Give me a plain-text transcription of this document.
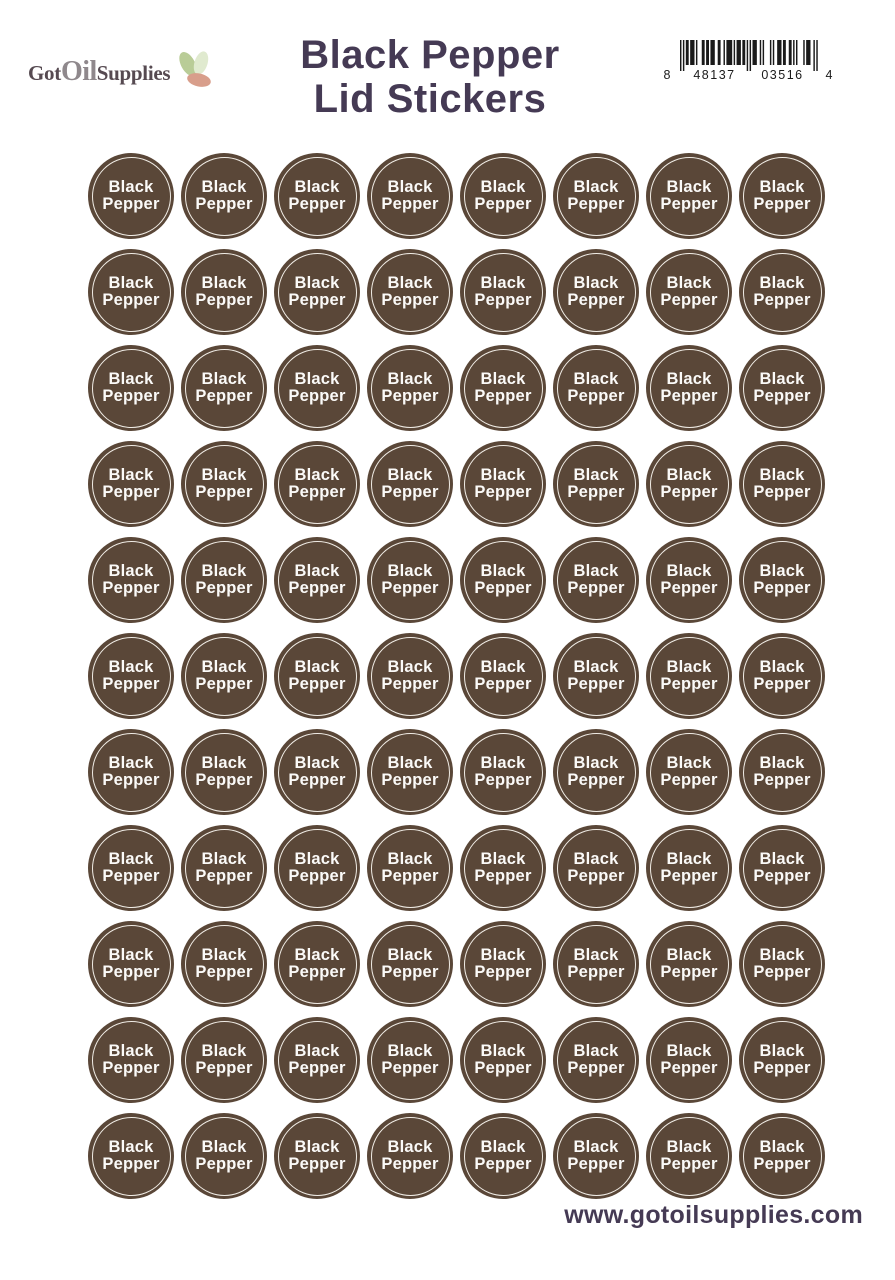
Got Oil Supplies	Black Pepper
Lid Stickers
8	48137	03516	4
Black
Pepper
Black
Pepper
Black
Pepper
Black
Pepper
Black
Pepper
Black
Pepper
Black
Pepper
Black
Pepper
Black
Pepper
Black
Pepper
Black
Pepper
Black
Pepper
Black
Pepper
Black
Pepper
Black
Pepper
Black
Pepper
Black
Pepper
Black
Pepper
Black
Pepper
Black
Pepper
Black
Pepper
Black
Pepper
Black
Pepper
Black
Pepper
Black
Pepper
Black
Pepper
Black
Pepper
Black
Pepper
Black
Pepper
Black
Pepper
Black
Pepper
Black
Pepper
Black
Pepper
Black
Pepper
Black
Pepper
Black
Pepper
Black
Pepper
Black
Pepper
Black
Pepper
Black
Pepper
Black
Pepper
Black
Pepper
Black
Pepper
Black
Pepper
Black
Pepper
Black
Pepper
Black
Pepper
Black
Pepper
Black
Pepper
Black
Pepper
Black
Pepper
Black
Pepper
Black
Pepper
Black
Pepper
Black
Pepper
Black
Pepper
Black
Pepper
Black
Pepper
Black
Pepper
Black
Pepper
Black
Pepper
Black
Pepper
Black
Pepper
Black
Pepper
Black
Pepper
Black
Pepper
Black
Pepper
Black
Pepper
Black
Pepper
Black
Pepper
Black
Pepper
Black
Pepper
Black
Pepper
Black
Pepper
Black
Pepper
Black
Pepper
Black
Pepper
Black
Pepper
Black
Pepper
Black
Pepper
Black
Pepper
Black
Pepper
Black
Pepper
Black
Pepper
Black
Pepper
Black
Pepper
Black
Pepper
Black
Pepper
www.gotoilsupplies.com
